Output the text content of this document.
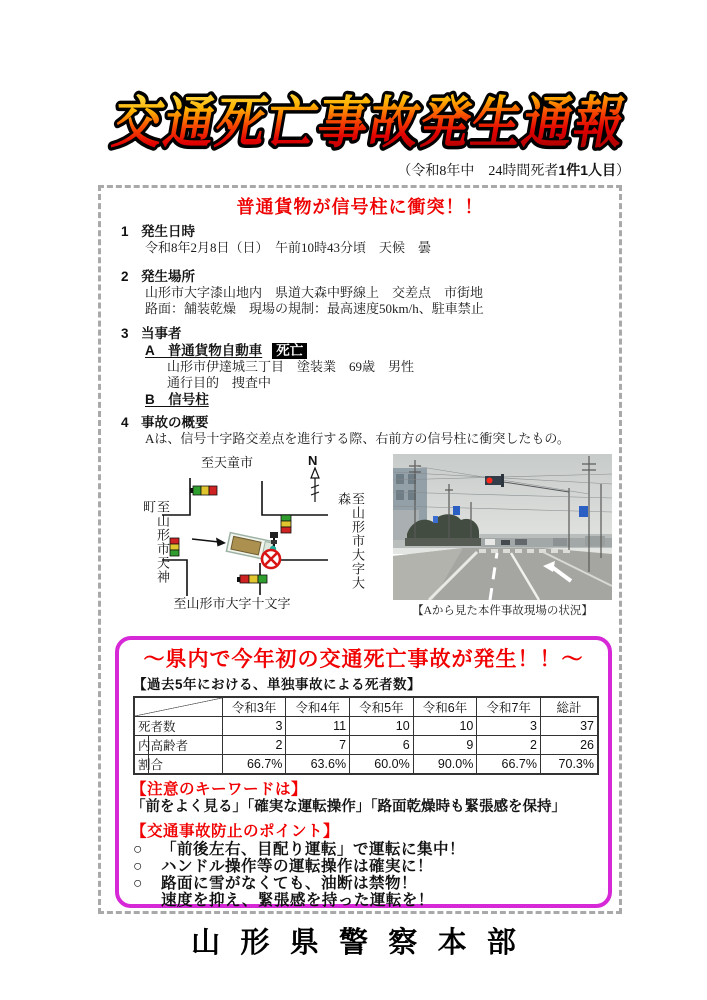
交通死亡事故発生通報
（令和8年中　24時間死者1件1人目）
普通貨物が信号柱に衝突！！
1 発生日時
令和8年2月8日（日）　午前10時43分頃　天候　曇
2 発生場所
山形市大字漆山地内　県道大森中野線上　交差点　市街地
路面：舗装乾燥　現場の規制：最高速度50km/h、駐車禁止
3 当事者
A　普通貨物自動車 死亡
山形市伊達城三丁目　塗装業　69歳　男性
通行目的　捜査中
B　信号柱
4 事故の概要
Aは、信号十字路交差点を進行する際、右前方の信号柱に衝突したもの。
至天童市	N
至山形市大字大森
至山形市天神町
至山形市大字十文字	【Aから見た本件事故現場の状況】
～県内で今年初の交通死亡事故が発生！！～
【過去5年における、単独事故による死者数】
	令和3年	令和4年	令和5年	令和6年	令和7年	総計
死者数	3	11	10	10	3	37
内高齢者	2	7	6	9	2	26
割合	66.7%	63.6%	60.0%	90.0%	66.7%	70.3%
【注意のキーワードは】
「前をよく見る」「確実な運転操作」「路面乾燥時も緊張感を保持」
【交通事故防止のポイント】
○	「前後左右、目配り運転」で運転に集中！
○	ハンドル操作等の運転操作は確実に！
○	路面に雪がなくても、油断は禁物！
速度を抑え、緊張感を持った運転を！
山形県警察本部
